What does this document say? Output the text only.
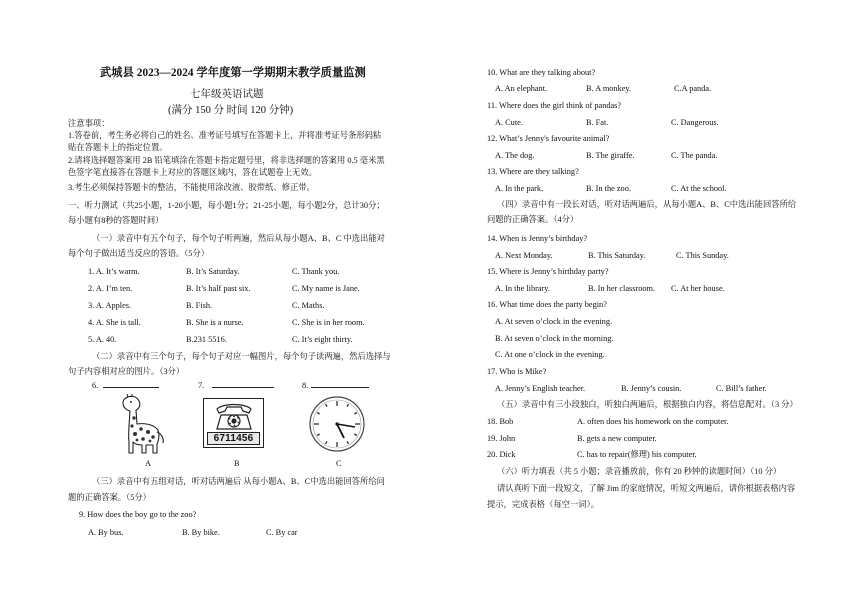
武城县 2023—2024 学年度第一学期期末教学质量监测
七年级英语试题
(满分 150 分 时间 120 分钟)
注意事项：
1.答卷前，考生务必将自己的姓名、准考证号填写在答题卡上，并将准考证号条形码粘
贴在答题卡上的指定位置。
2.请将选择题答案用 2B 铅笔填涂在答题卡指定题号里，将非选择题的答案用 0.5 毫米黑
色签字笔直接答在答题卡上对应的答题区域内，答在试题卷上无效。
3.考生必须保持答题卡的整洁，不能使用涂改液、胶带纸、修正带。
一、听力测试（共25小题，1-20小题，每小题1分；21-25小题，每小题2分，总计30分；
每小题有8秒的答题时间）
（一）录音中有五个句子，每个句子听两遍，然后从每小题A、B、C 中选出能对
每个句子做出适当反应的答语。（5分）
1. A. It’s warm.	B. It’s Saturday.	C. Thank you.
2. A. I’m ten.	B. It’s half past six.	C. My name is Jane.
3. A. Apples.	B. Fish.	C. Maths.
4. A. She is tall.	B. She is a nurse.	C. She is in her room.
5. A. 40.	B.231 5516.	C. It’s eight thirty.
（二）录音中有三个句子，每个句子对应一幅图片，每个句子读两遍，然后选择与
句子内容相对应的图片。（3分）
6.	7.	8.
6711456
A	B	C
（三）录音中有五组对话，听对话两遍后 从每小题A、B、C中选出能回答所给问
题的正确答案。（5分）
9. How does the boy go to the zoo?
A. By bus.	B. By bike.	C. By car
10. What are they talking about?
A. An elephant.	B. A monkey.	C.A panda.
11. Where does the girl think of pandas?
A. Cute.	B. Fat.	C. Dangerous.
12. What’s Jenny's favourite animal?
A. The dog.	B. The giraffe.	C. The panda.
13. Where are they talking?
A. In the park.	B. In the zoo.	C. At the school.
（四）录音中有一段长对话，听对话两遍后，从每小题A、B、C中选出能回答所给
问题的正确答案。（4分）
14. When is Jenny’s birthday?
A. Next Monday.	B. This Saturday.	C. This Sunday.
15. Where is Jenny’s birthday party?
A. In the library.	B. In her classroom. C. At her house.
16. What time does the party begin?
A. At seven o’clock in the evening.
B. At seven o’clock in the morning.
C. At one o’clock in the evening.
17. Who is Mike?
A. Jenny’s English teacher.	B. Jenny’s cousin.	C. Bill’s father.
（五）录音中有三小段独白，听独白两遍后，根据独白内容，将信息配对。（3 分）
18. Bob	A. often does his homework on the computer.
19. John	B. gets a new computer.
20. Dick	C. has to repair(修理) his computer.
（六）听力填表（共 5 小题；录音播放前，你有 20 秒钟的读题时间）（10 分）
请认真听下面一段短文，了解 Jim 的家庭情况，听短文两遍后，请你根据表格内容
提示，完成表格（每空一词）。
